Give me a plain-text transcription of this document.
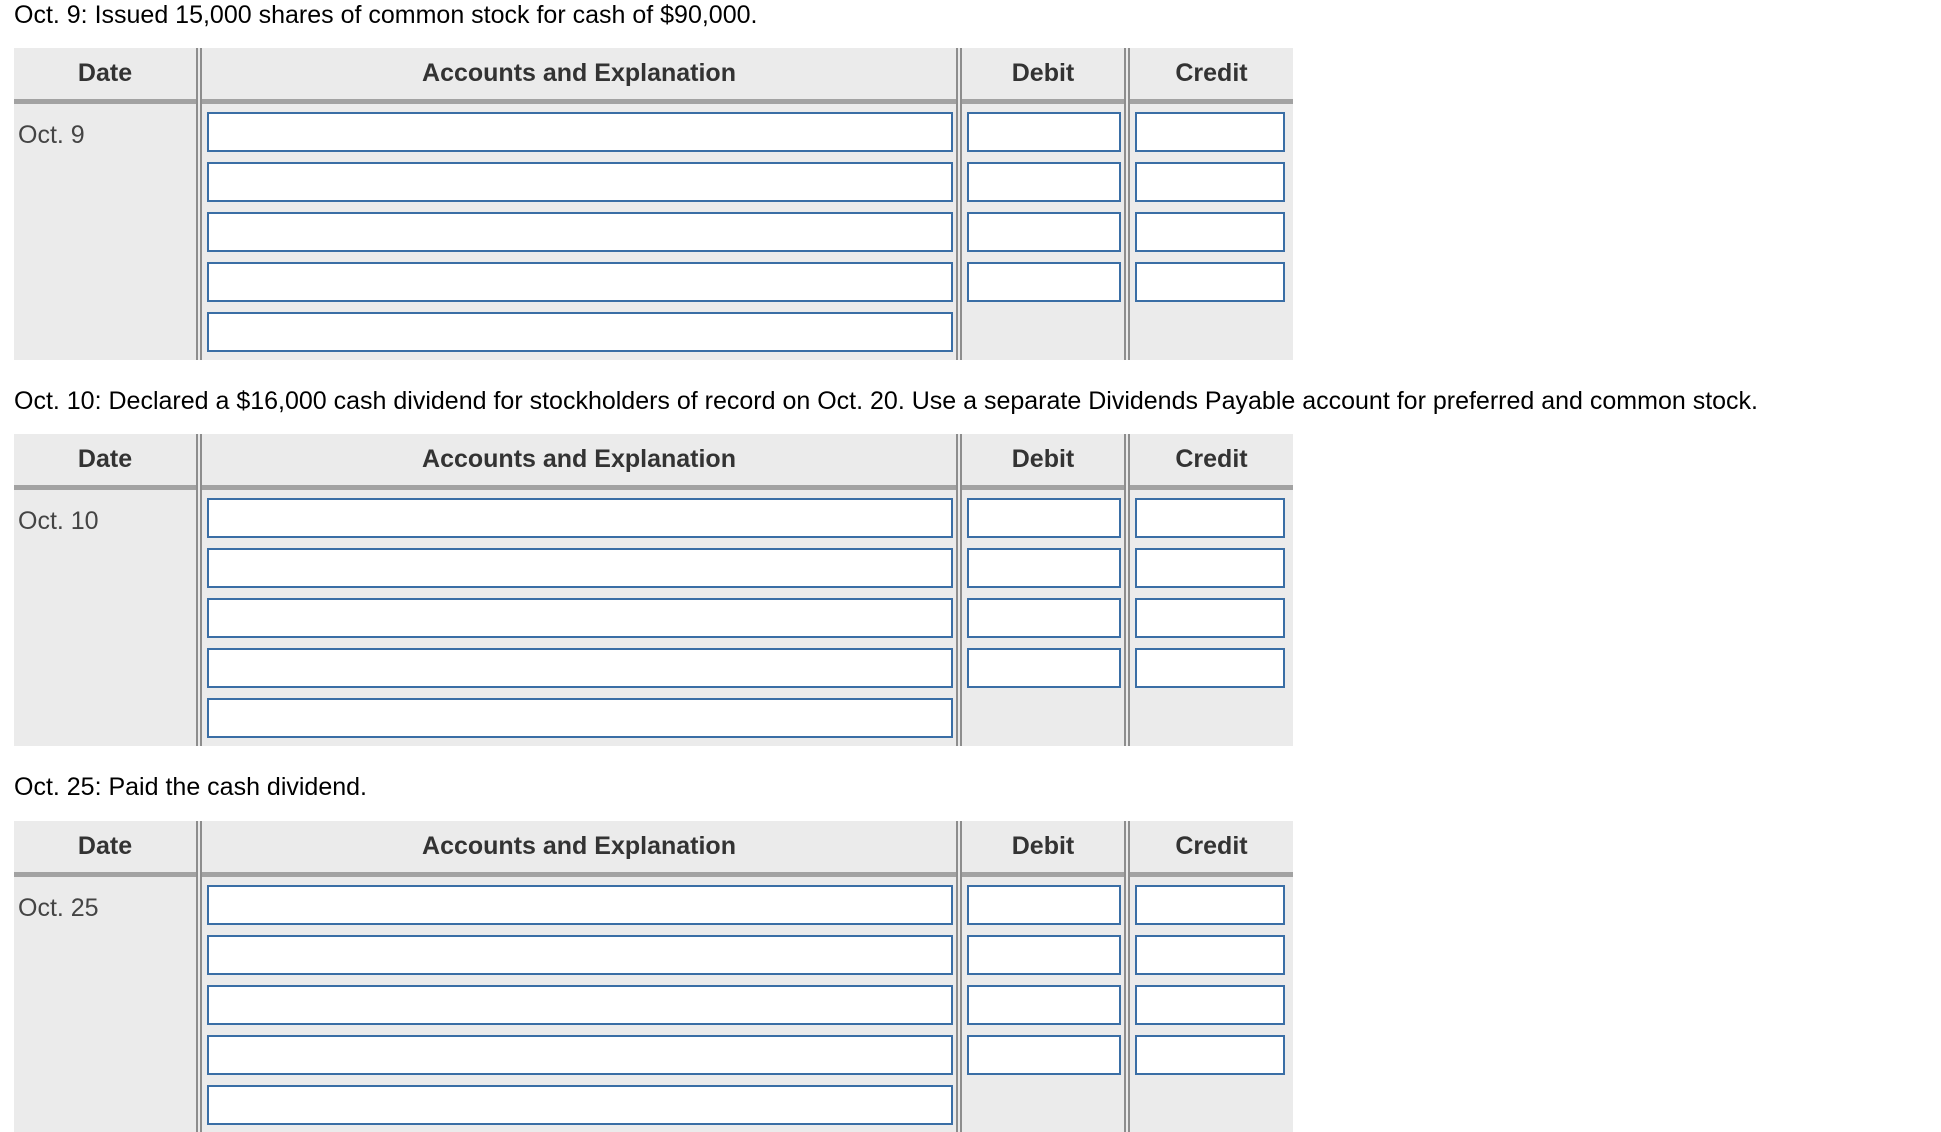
Oct. 9: Issued 15,000 shares of common stock for cash of $90,000.
Date	Accounts and Explanation	Debit	Credit
Oct. 9
Oct. 10: Declared a $16,000 cash dividend for stockholders of record on Oct. 20. Use a separate Dividends Payable account for preferred and common stock.
Date	Accounts and Explanation	Debit	Credit
Oct. 10
Oct. 25: Paid the cash dividend.
Date	Accounts and Explanation	Debit	Credit
Oct. 25
